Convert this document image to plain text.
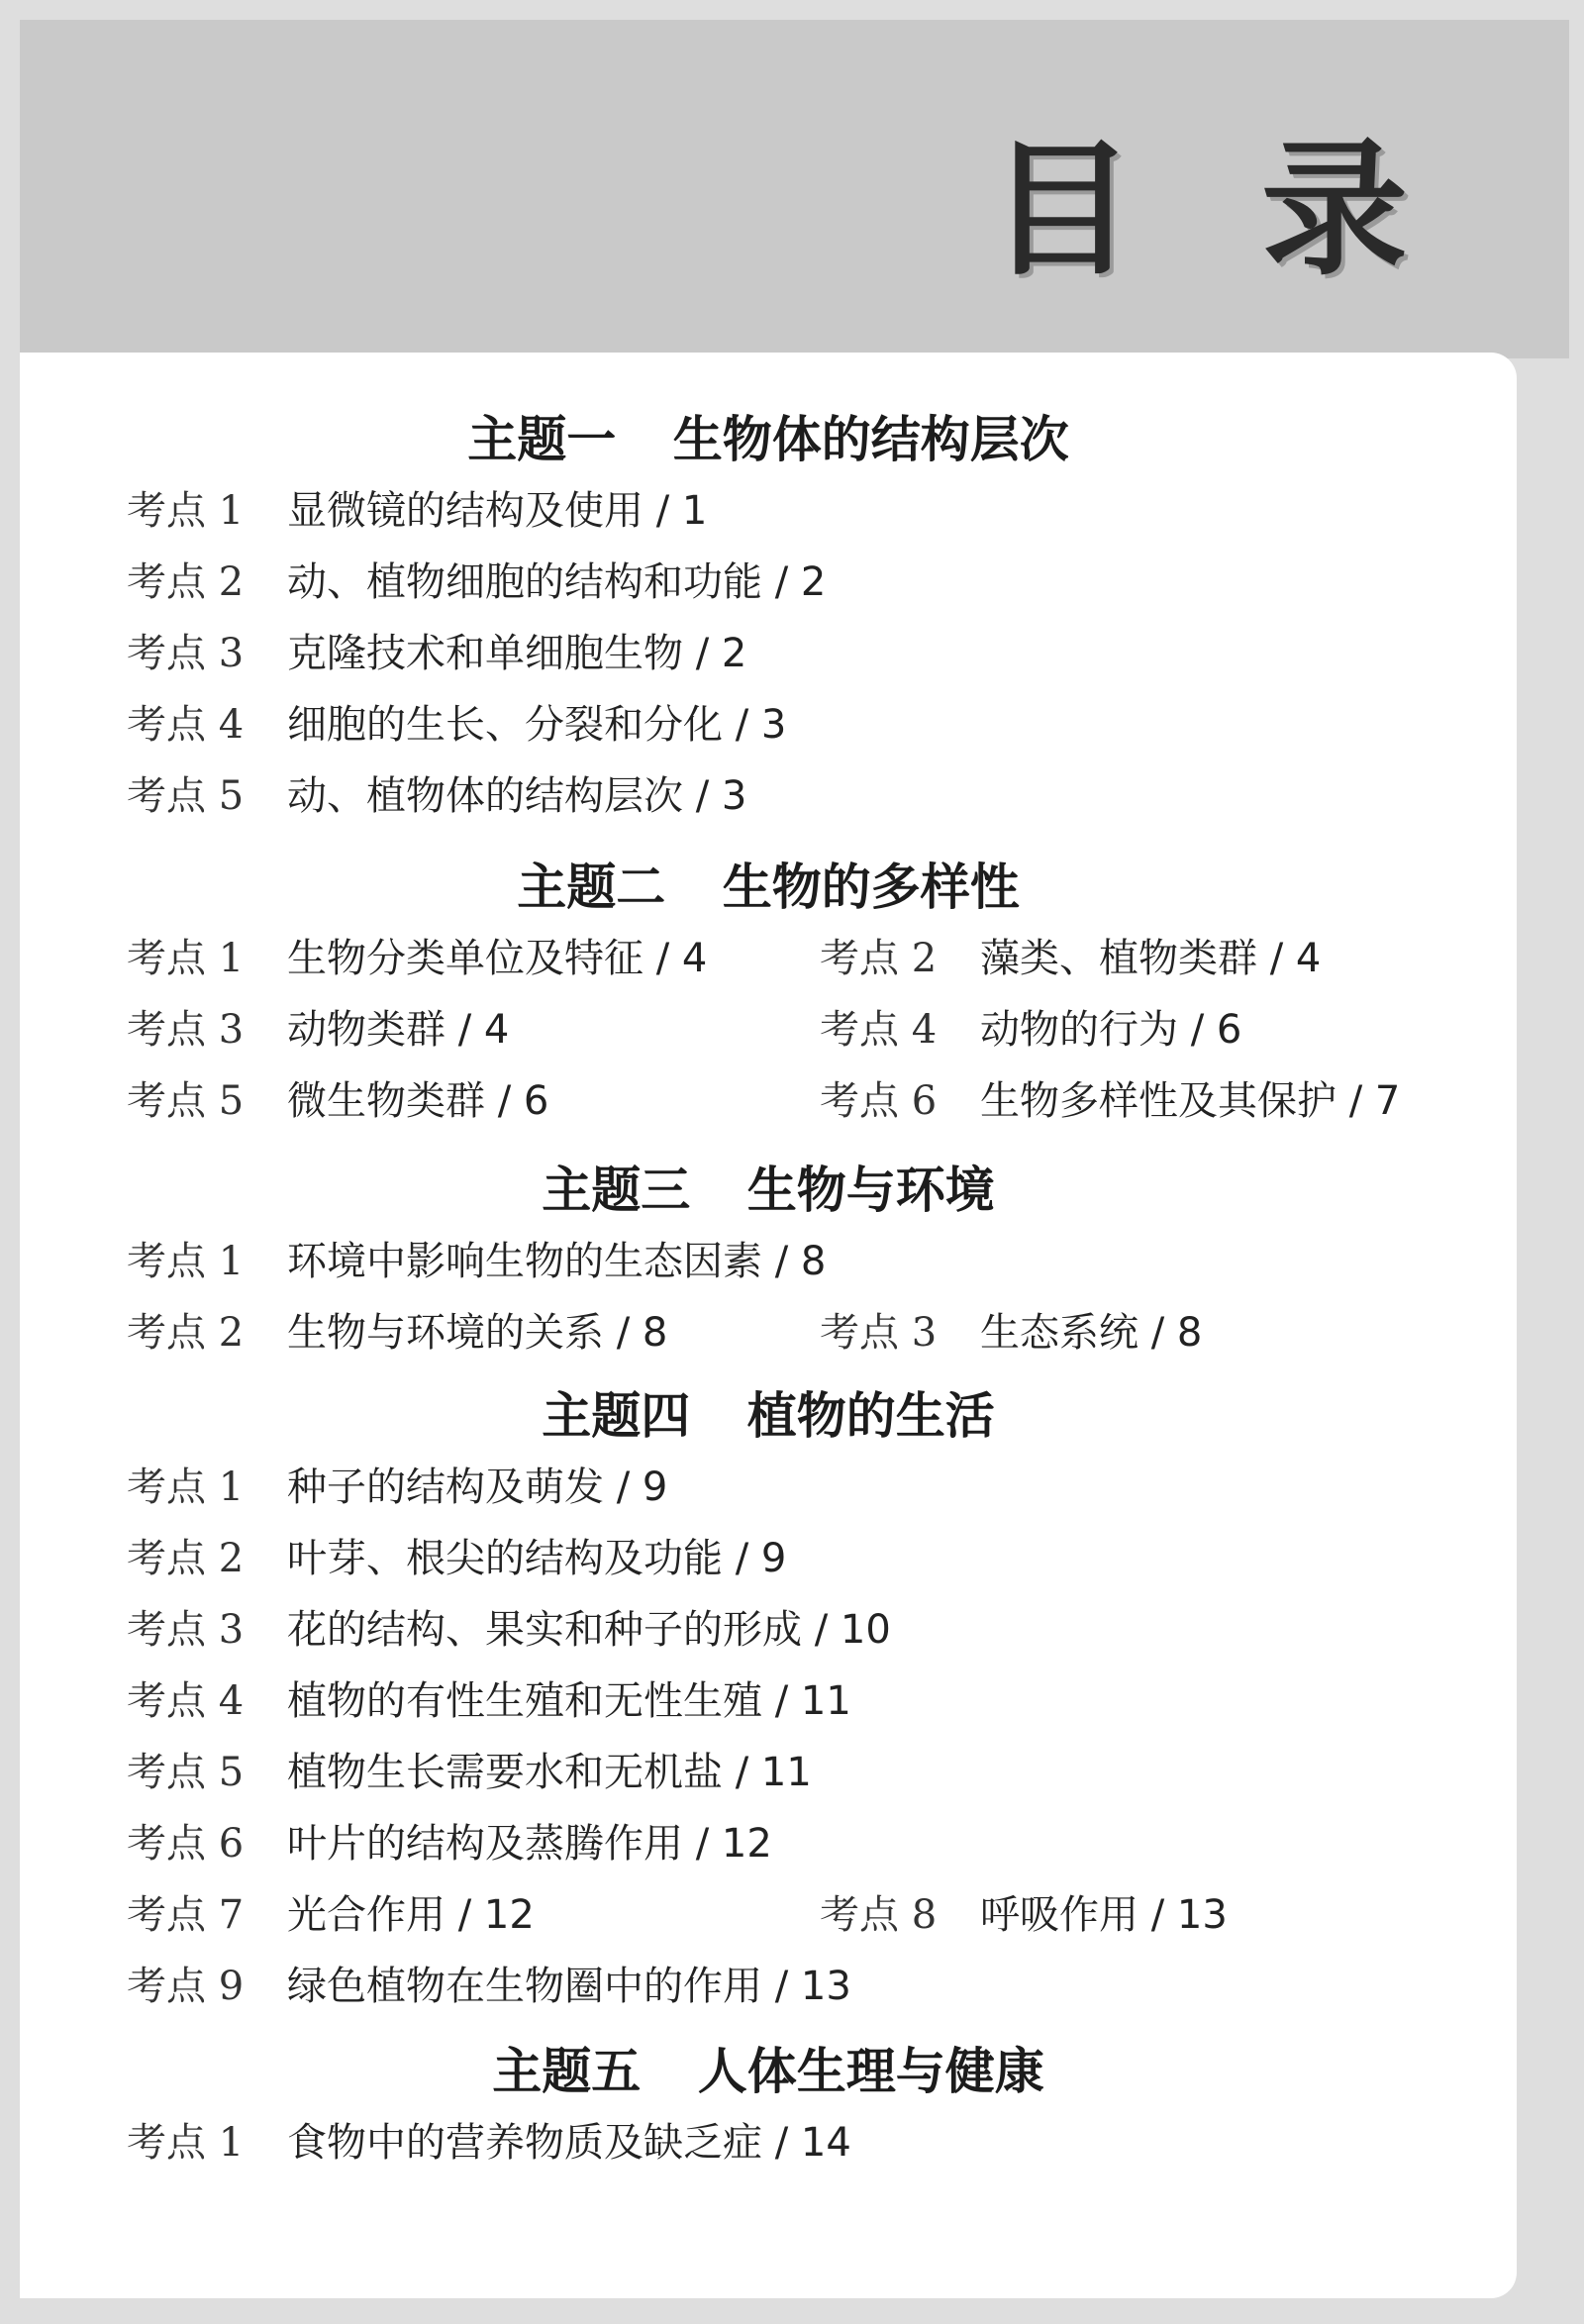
目 录
主题一 生物体的结构层次
考点 1 显微镜的结构及使用 / 1
考点 2 动、植物细胞的结构和功能 / 2
考点 3 克隆技术和单细胞生物 / 2
考点 4 细胞的生长、分裂和分化 / 3
考点 5 动、植物体的结构层次 / 3
主题二 生物的多样性
考点 1 生物分类单位及特征 / 4	考点 2 藻类、植物类群 / 4
考点 3 动物类群 / 4	考点 4 动物的行为 / 6
考点 5 微生物类群 / 6	考点 6 生物多样性及其保护 / 7
主题三 生物与环境
考点 1 环境中影响生物的生态因素 / 8
考点 2 生物与环境的关系 / 8	考点 3 生态系统 / 8
主题四 植物的生活
考点 1 种子的结构及萌发 / 9
考点 2 叶芽、根尖的结构及功能 / 9
考点 3 花的结构、果实和种子的形成 / 10
考点 4 植物的有性生殖和无性生殖 / 11
考点 5 植物生长需要水和无机盐 / 11
考点 6 叶片的结构及蒸腾作用 / 12
考点 7 光合作用 / 12	考点 8 呼吸作用 / 13
考点 9 绿色植物在生物圈中的作用 / 13
主题五 人体生理与健康
考点 1 食物中的营养物质及缺乏症 / 14
